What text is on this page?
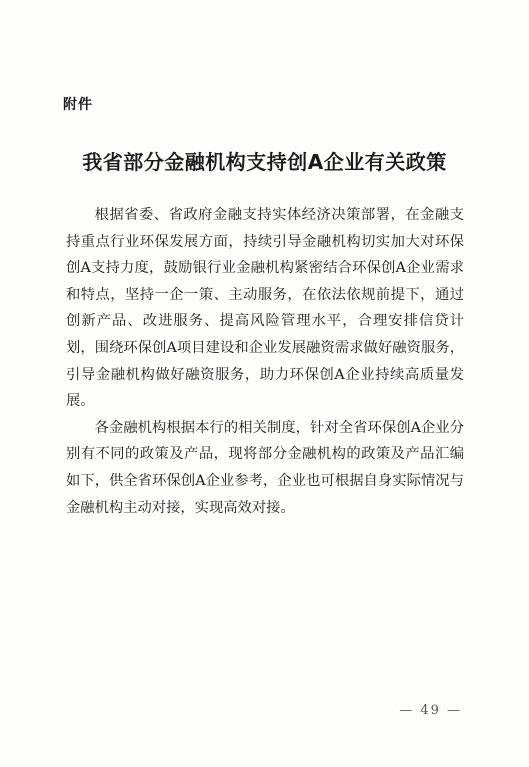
附件
我省部分金融机构支持创A企业有关政策

根据省委、省政府金融支持实体经济决策部署，在金融支持重点行业环保发展方面，持续引导金融机构切实加大对环保创A支持力度，鼓励银行业金融机构紧密结合环保创A企业需求和特点，坚持一企一策、主动服务，在依法依规前提下，通过创新产品、改进服务、提高风险管理水平，合理安排信贷计划，围绕环保创A项目建设和企业发展融资需求做好融资服务，引导金融机构做好融资服务，助力环保创A企业持续高质量发展。

各金融机构根据本行的相关制度，针对全省环保创A企业分别有不同的政策及产品，现将部分金融机构的政策及产品汇编如下，供全省环保创A企业参考，企业也可根据自身实际情况与金融机构主动对接，实现高效对接。

— 49 —
